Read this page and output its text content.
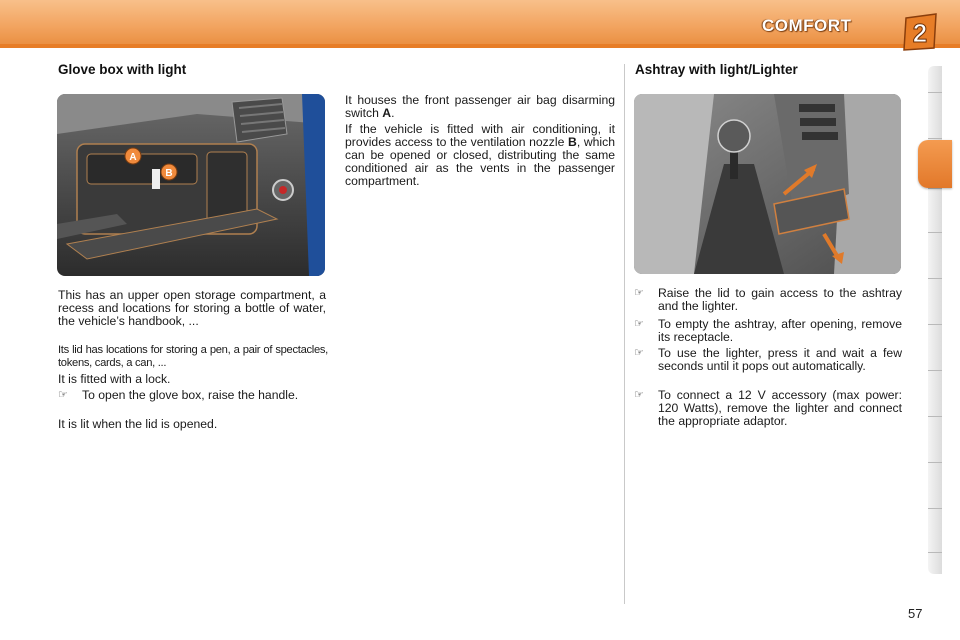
COMFORT 2
Glove box with light
A
B

This has an upper open storage compartment, a recess and locations for storing a bottle of water, the vehicle’s handbook, ...

Its lid has locations for storing a pen, a pair of spectacles, tokens, cards, a can, ...

It is fitted with a lock.

☞	To open the glove box, raise the handle.

It is lit when the lid is opened.

It houses the front passenger air bag disarming switch A.

If the vehicle is fitted with air conditioning, it provides access to the ventilation nozzle B, which can be opened or closed, distributing the same conditioned air as the vents in the passenger compartment.

Ashtray with light/Lighter
☞	Raise the lid to gain access to the ashtray and the lighter.
☞	To empty the ashtray, after opening, remove its receptacle.
☞	To use the lighter, press it and wait a few seconds until it pops out automatically.
☞	To connect a 12 V accessory (max power: 120 Watts), remove the lighter and connect the appropriate adaptor.
57
